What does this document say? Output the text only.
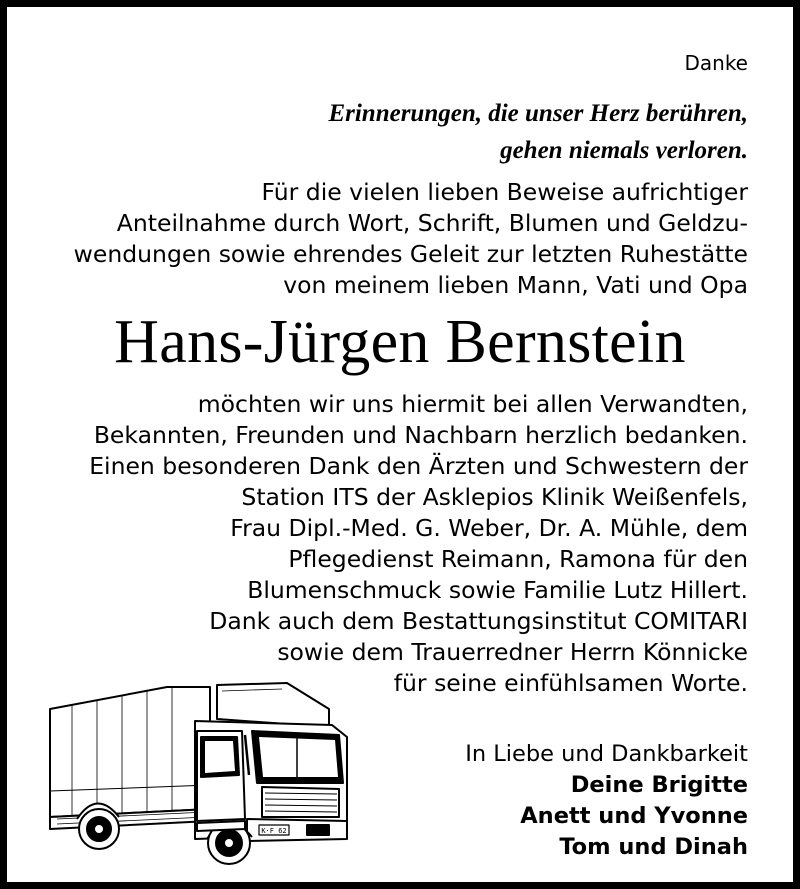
Danke
Erinnerungen, die unser Herz berühren,
gehen niemals verloren.
Für die vielen lieben Beweise aufrichtiger
Anteilnahme durch Wort, Schrift, Blumen und Geldzu-
wendungen sowie ehrendes Geleit zur letzten Ruhestätte
von meinem lieben Mann, Vati und Opa
Hans-Jürgen Bernstein
möchten wir uns hiermit bei allen Verwandten,
Bekannten, Freunden und Nachbarn herzlich bedanken.
Einen besonderen Dank den Ärzten und Schwestern der
Station ITS der Asklepios Klinik Weißenfels,
Frau Dipl.-Med. G. Weber, Dr. A. Mühle, dem
Pflegedienst Reimann, Ramona für den
Blumenschmuck sowie Familie Lutz Hillert.
Dank auch dem Bestattungsinstitut COMITARI
sowie dem Trauerredner Herrn Könnicke
für seine einfühlsamen Worte.
In Liebe und Dankbarkeit
Deine Brigitte
Anett und Yvonne
Tom und Dinah
K·F 62
